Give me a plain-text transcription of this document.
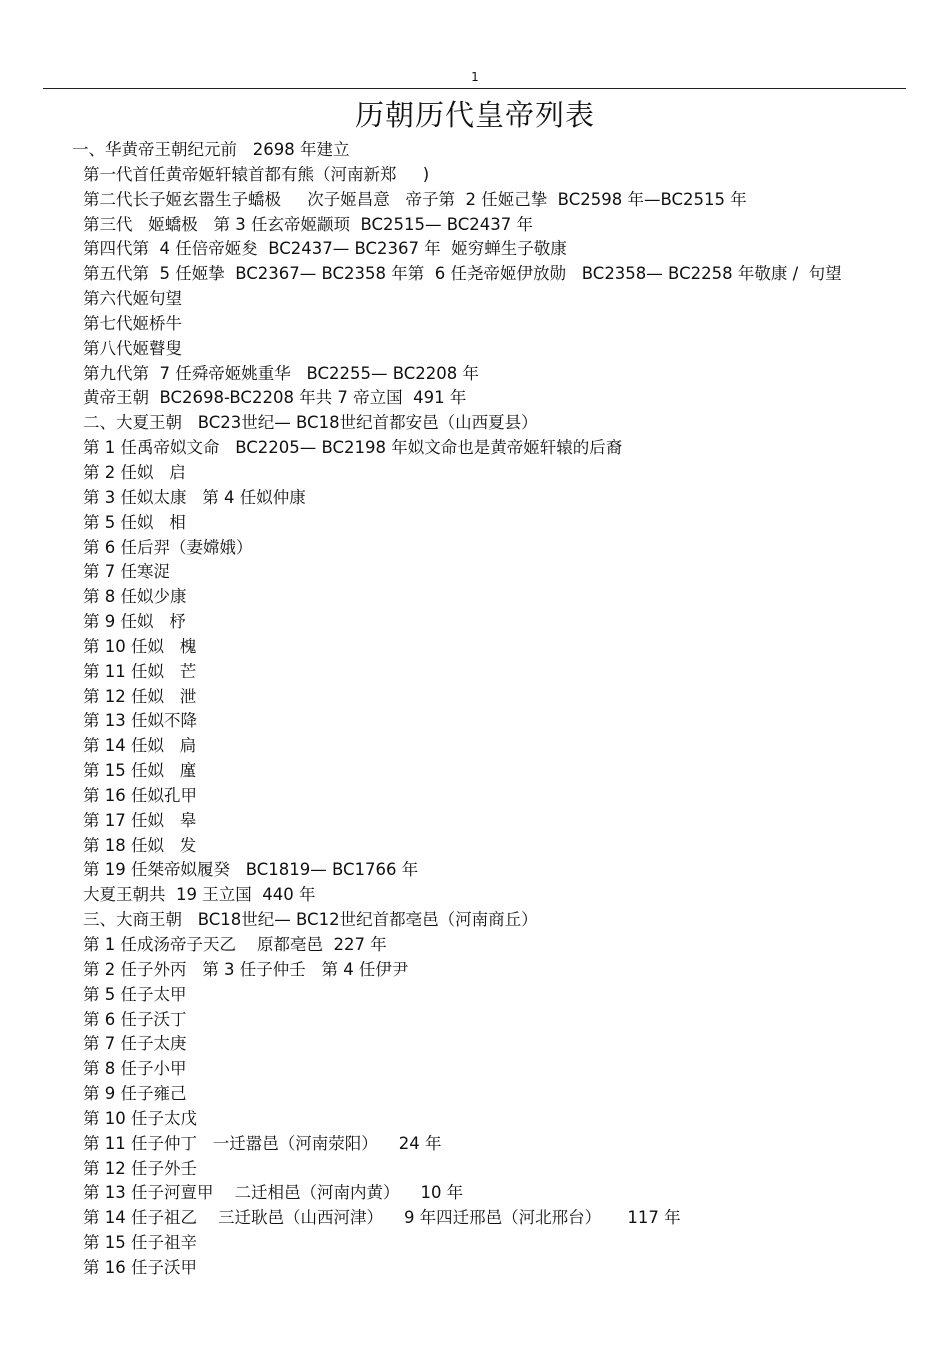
1
历朝历代皇帝列表
一、华黄帝王朝纪元前   2698 年建立
第一代首任黄帝姬轩辕首都有熊（河南新郑     )
第二代长子姬玄嚣生子蟜极     次子姬昌意   帝子第  2 任姬己挚  BC2598 年—BC2515 年
第三代   姬蟜极   第 3 任玄帝姬颛顼  BC2515— BC2437 年
第四代第  4 任倍帝姬夋  BC2437— BC2367 年  姬穷蝉生子敬康
第五代第  5 任姬挚  BC2367— BC2358 年第  6 任尧帝姬伊放勋   BC2358— BC2258 年敬康 /  句望
第六代姬句望
第七代姬桥牛
第八代姬瞽叟
第九代第  7 任舜帝姬姚重华   BC2255— BC2208 年
黄帝王朝  BC2698-BC2208 年共 7 帝立国  491 年
二、大夏王朝   BC23世纪— BC18世纪首都安邑（山西夏县）
第 1 任禹帝姒文命   BC2205— BC2198 年姒文命也是黄帝姬轩辕的后裔
第 2 任姒   启
第 3 任姒太康   第 4 任姒仲康
第 5 任姒   相
第 6 任后羿（妻嫦娥）
第 7 任寒浞
第 8 任姒少康
第 9 任姒   杼
第 10 任姒   槐
第 11 任姒   芒
第 12 任姒   泄
第 13 任姒不降
第 14 任姒   扃
第 15 任姒   廑
第 16 任姒孔甲
第 17 任姒   皋
第 18 任姒   发
第 19 任桀帝姒履癸   BC1819— BC1766 年
大夏王朝共  19 王立国  440 年
三、大商王朝   BC18世纪— BC12世纪首都亳邑（河南商丘）
第 1 任成汤帝子天乙    原都亳邑  227 年
第 2 任子外丙   第 3 任子仲壬   第 4 任伊尹
第 5 任子太甲
第 6 任子沃丁
第 7 任子太庚
第 8 任子小甲
第 9 任子雍己
第 10 任子太戊
第 11 任子仲丁   一迁嚣邑（河南荥阳）    24 年
第 12 任子外壬
第 13 任子河亶甲    二迁相邑（河南内黄）    10 年
第 14 任子祖乙    三迁耿邑（山西河津）    9 年四迁邢邑（河北邢台）     117 年
第 15 任子祖辛
第 16 任子沃甲
